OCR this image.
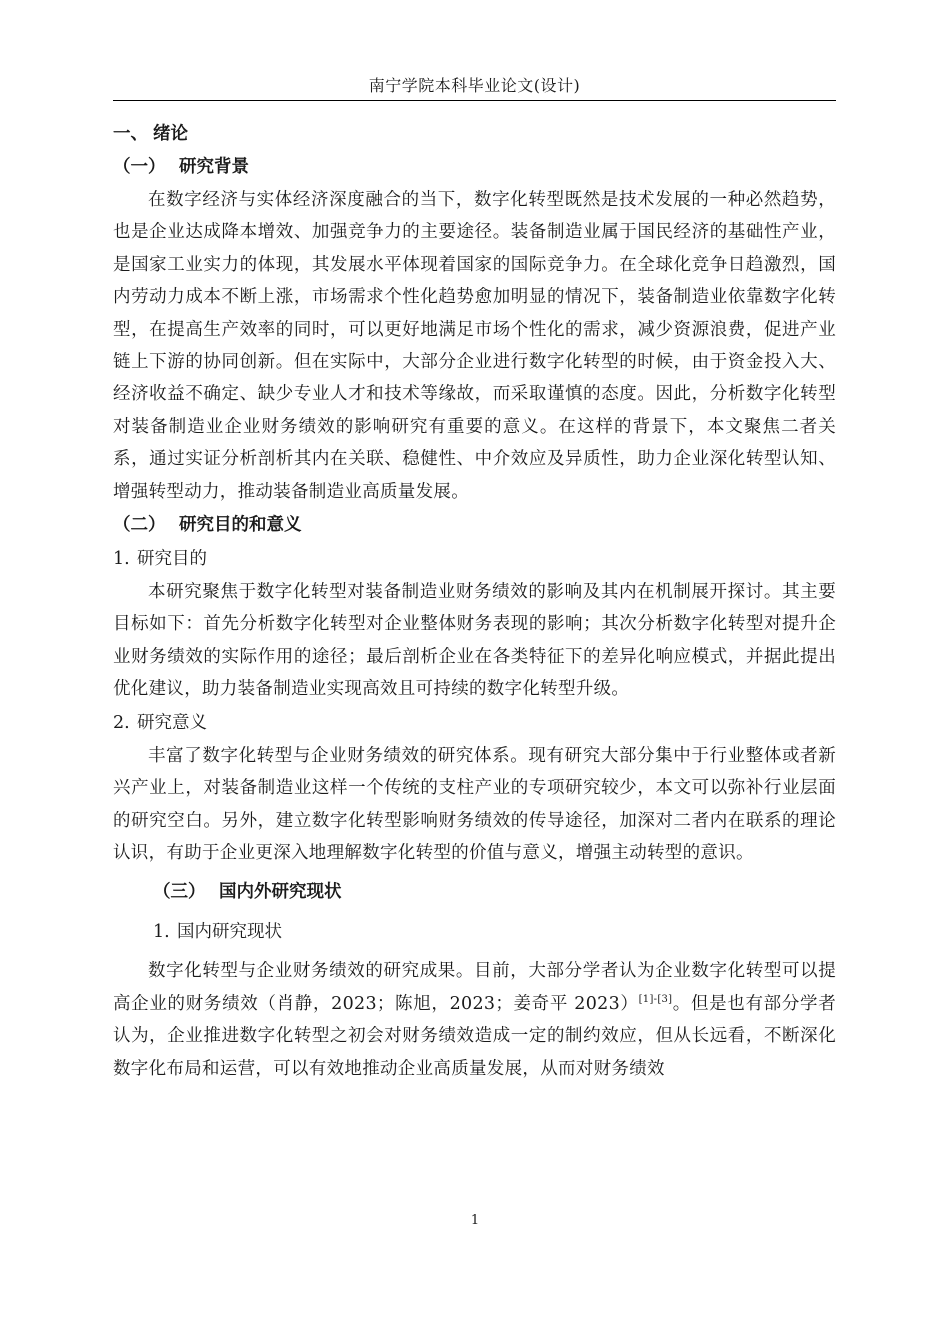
南宁学院本科毕业论文(设计)
一、 绪论
（一） 研究背景

在数字经济与实体经济深度融合的当下，数字化转型既然是技术发展的一种必然趋势，也是企业达成降本增效、加强竞争力的主要途径。装备制造业属于国民经济的基础性产业，是国家工业实力的体现，其发展水平体现着国家的国际竞争力。在全球化竞争日趋激烈，国内劳动力成本不断上涨，市场需求个性化趋势愈加明显的情况下，装备制造业依靠数字化转型，在提高生产效率的同时，可以更好地满足市场个性化的需求，减少资源浪费，促进产业链上下游的协同创新。但在实际中，大部分企业进行数字化转型的时候，由于资金投入大、经济收益不确定、缺少专业人才和技术等缘故，而采取谨慎的态度。因此，分析数字化转型对装备制造业企业财务绩效的影响研究有重要的意义。在这样的背景下，本文聚焦二者关系，通过实证分析剖析其内在关联、稳健性、中介效应及异质性，助力企业深化转型认知、增强转型动力，推动装备制造业高质量发展。

（二） 研究目的和意义
1. 研究目的

本研究聚焦于数字化转型对装备制造业财务绩效的影响及其内在机制展开探讨。其主要目标如下：首先分析数字化转型对企业整体财务表现的影响；其次分析数字化转型对提升企业财务绩效的实际作用的途径；最后剖析企业在各类特征下的差异化响应模式，并据此提出优化建议，助力装备制造业实现高效且可持续的数字化转型升级。

2. 研究意义

丰富了数字化转型与企业财务绩效的研究体系。现有研究大部分集中于行业整体或者新兴产业上，对装备制造业这样一个传统的支柱产业的专项研究较少，本文可以弥补行业层面的研究空白。另外，建立数字化转型影响财务绩效的传导途径，加深对二者内在联系的理论认识，有助于企业更深入地理解数字化转型的价值与意义，增强主动转型的意识。

（三） 国内外研究现状
1. 国内研究现状

数字化转型与企业财务绩效的研究成果。目前，大部分学者认为企业数字化转型可以提高企业的财务绩效（肖静，2023；陈旭，2023；姜奇平 2023）[1]-[3]。但是也有部分学者认为，企业推进数字化转型之初会对财务绩效造成一定的制约效应，但从长远看，不断深化数字化布局和运营，可以有效地推动企业高质量发展，从而对财务绩效

1
